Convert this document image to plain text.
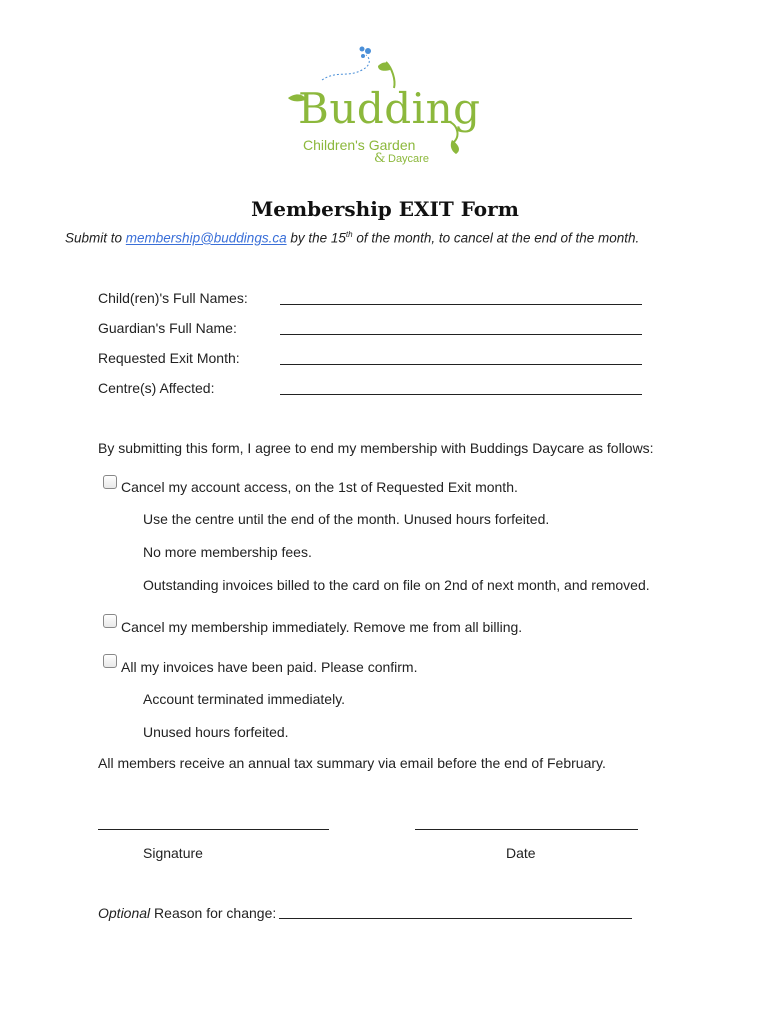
Budding
Children's Garden
& Daycare
Membership EXIT Form
Submit to membership@buddings.ca by the 15th of the month, to cancel at the end of the month.
Child(ren)'s Full Names:
Guardian's Full Name:
Requested Exit Month:
Centre(s) Affected:
By submitting this form, I agree to end my membership with Buddings Daycare as follows:
Cancel my account access, on the 1st of Requested Exit month.
Use the centre until the end of the month. Unused hours forfeited.
No more membership fees.
Outstanding invoices billed to the card on file on 2nd of next month, and removed.
Cancel my membership immediately. Remove me from all billing.
All my invoices have been paid. Please confirm.
Account terminated immediately.
Unused hours forfeited.
All members receive an annual tax summary via email before the end of February.
Signature	Date
Optional Reason for change:
